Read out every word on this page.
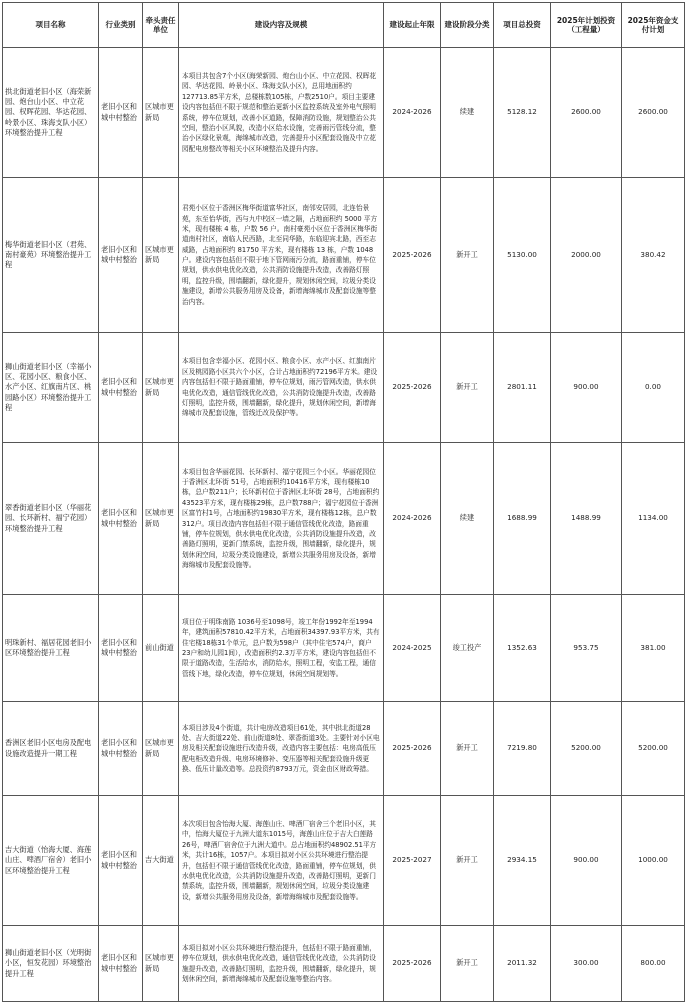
项目名称	行业类别	牵头责任单位	建设内容及规模	建设起止年限	建设阶段分类	项目总投资	2025年计划投资（工程量）	2025年资金支付计划
拱北街道老旧小区（海荣新园、炮台山小区、中立花园、权晖花园、华达花园、岭景小区、珠海支队小区）环境整治提升工程	老旧小区和城中村整治	区城市更新局	本项目共包含7个小区(海荣新园、炮台山小区、中立花园、权晖花园、华达花园、岭景小区、珠海支队小区)，总用地面积约127713.85平方米，总楼栋数105栋，户数2510户。项目主要建设内容包括但不限于规范和整治更新小区监控系统及室外电气照明系统，停车位规划，改善小区道路，保障消防设施，规划整治公共空间，整治小区风貌，改造小区给水设施，完善雨污管线分流，整治小区绿化景观，海绵城市改造，完善提升小区配套设施及中立花园配电房整改等相关小区环境整治及提升内容。	2024-2026	续建	5128.12	2600.00	2600.00
梅华街道老旧小区（君苑、南村豪苑）环境整治提升工程	老旧小区和城中村整治	区城市更新局	君苑小区位于香洲区梅华街道富华社区，南邻安居园，北连怡景苑，东至怡华街，西与九中校区一墙之隔，占地面积约 5000 平方米，现有楼栋 4 栋，户数 56 户。南村豪苑小区位于香洲区梅华街道南村社区，南临人民西路，北至同华路，东临迎宾北路，西至志威路，占地面积约 81750 平方米，现有楼栋 13 栋，户数 1048 户。建设内容包括但不限于地下管网雨污分流，路面重铺，停车位规划，供水供电优化改造，公共消防设施提升改造，改善路灯照明，监控升级，围墙翻新，绿化提升，规划休闲空间，垃圾分类设施建设，新增公共服务用房及设备，新增海绵城市及配套设施等整治内容。	2025-2026	新开工	5130.00	2000.00	380.42
狮山街道老旧小区（幸福小区、花园小区、粮食小区、水产小区、红旗南片区、桃园路小区）环境整治提升工程	老旧小区和城中村整治	区城市更新局	本项目包含幸福小区、花园小区、粮食小区、水产小区、红旗南片区及桃园路小区共六个小区，合计占地面积约72196平方米。建设内容包括但不限于路面重铺，停车位规划，雨污管网改造，供水供电优化改造，通信管线优化改造，公共消防设施提升改造，改善路灯照明，监控升级，围墙翻新，绿化提升，规划休闲空间，新增海绵城市及配套设施，管线迁改及保护等。	2025-2026	新开工	2801.11	900.00	0.00
翠香街道老旧小区（华丽花园、长环新村、福宁花园）环境整治提升工程	老旧小区和城中村整治	区城市更新局	本项目包含华丽花园、长环新村、福宁花园三个小区。华丽花园位于香洲区北环街 51号，占地面积约10416平方米，现有楼栋10栋，总户数211户；长环新村位于香洲区北环街 28号，占地面积约43523平方米，现有楼栋29栋，总户数788户；福宁花园位于香洲区富竹村1号，占地面积约19830平方米，现有楼栋12栋，总户数312户。项目改造内容包括但不限于通信管线优化改造，路面重铺，停车位规划，供水供电优化改造，公共消防设施提升改造，改善路灯照明，更新门禁系统，监控升级，围墙翻新，绿化提升，规划休闲空间，垃圾分类设施建设，新增公共服务用房及设备，新增海绵城市及配套设施等。	2024-2026	续建	1688.99	1488.99	1134.00
明珠新村、福居花园老旧小区环境整治提升工程	老旧小区和城中村整治	前山街道	项目位于明珠南路 1036号至1098号，竣工年份1992年至1994年，建筑面积57810.42平方米，占地面积34397.93平方米，共有住宅楼18栋31个单元，总户数为598户（其中住宅574户，商户23户和幼儿园1间），改造面积约2.3万平方米，建设内容包括但不限于道路改造，生活给水，消防给水，照明工程，安监工程，通信管线下地，绿化改造，停车位规划，休闲空间规划等。	2024-2025	竣工投产	1352.63	953.75	381.00
香洲区老旧小区电房及配电设施改造提升一期工程	老旧小区和城中村整治	区城市更新局	本项目涉及4个街道，共计电房改造项目61处，其中拱北街道28处、吉大街道22处、前山街道8处、翠香街道3处。主要针对小区电房及相关配套设施进行改造升级，改造内容主要包括：电房高低压配电柜改造升级、电房环境修补、变压器等相关配套设施升级更换、低压计量改造等。总投资约8793万元，资金由区财政筹措。	2025-2026	新开工	7219.80	5200.00	5200.00
吉大街道（怡海大厦、海莲山庄、啤酒厂宿舍）老旧小区环境整治提升工程	老旧小区和城中村整治	吉大街道	本次项目包含怡海大厦、海莲山庄、啤酒厂宿舍三个老旧小区，其中，怡海大厦位于九洲大道东1015号，海莲山庄位于吉大白莲路26号，啤酒厂宿舍位于九洲大道中。总占地面积约48902.51平方米，共计16栋，1057户。本项目拟对小区公共环境进行整治提升，包括但不限于通信管线优化改造，路面重铺，停车位规划，供水供电优化改造，公共消防设施提升改造，改善路灯照明，更新门禁系统，监控升级，围墙翻新，规划休闲空间，垃圾分类设施建设，新增公共服务用房及设备，新增海绵城市及配套设施等。	2025-2027	新开工	2934.15	900.00	1000.00
狮山街道老旧小区（光明街小区，恒发花园）环境整治提升工程	老旧小区和城中村整治	区城市更新局	本项目拟对小区公共环境进行整治提升，包括但不限于路面重铺，停车位规划，供水供电优化改造，通信管线优化改造，公共消防设施提升改造，改善路灯照明，监控升级，围墙翻新，绿化提升，规划休闲空间，新增海绵城市及配套设施等整治内容。	2025-2026	新开工	2011.32	300.00	800.00
